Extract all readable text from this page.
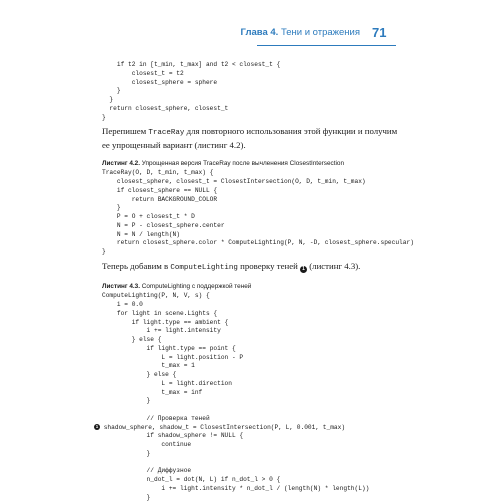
Глава 4. Тени и отражения 71
if t2 in [t_min, t_max] and t2 < closest_t {
closest_t = t2
closest_sphere = sphere
}
}
return closest_sphere, closest_t
}

Перепишем TraceRay для повторного использования этой функции и получим ее упрощенный вариант (листинг 4.2).

Листинг 4.2. Упрощенная версия TraceRay после вычленения ClosestIntersection

TraceRay(O, D, t_min, t_max) {
closest_sphere, closest_t = ClosestIntersection(O, D, t_min, t_max)
if closest_sphere == NULL {
return BACKGROUND_COLOR
}
P = O + closest_t * D
N = P - closest_sphere.center
N = N / length(N)
return closest_sphere.color * ComputeLighting(P, N, -D, closest_sphere.specular)
}

Теперь добавим в ComputeLighting проверку теней 1 (листинг 4.3).

Листинг 4.3. ComputeLighting с поддержкой теней

ComputeLighting(P, N, V, s) {
i = 0.0
for light in scene.Lights {
if light.type == ambient {
i += light.intensity
} else {
if light.type == point {
L = light.position - P
t_max = 1
} else {
L = light.direction
t_max = inf
}

// Проверка теней
1 shadow_sphere, shadow_t = ClosestIntersection(P, L, 0.001, t_max)
if shadow_sphere != NULL {
continue
}

// Диффузное
n_dot_l = dot(N, L) if n_dot_l > 0 {
i += light.intensity * n_dot_l / (length(N) * length(L))
}
